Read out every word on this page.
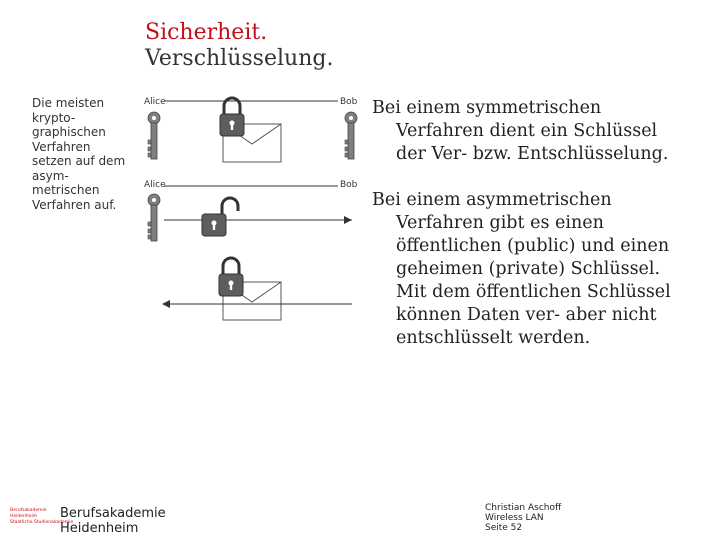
Sicherheit.
Verschlüsselung.
Die meisten
krypto-
graphischen
Verfahren
setzen auf dem
asym-
metrischen
Verfahren auf.
Alice	Bob
Alice	Bob
Bei einem symmetrischen
Verfahren dient ein Schlüssel
der Ver- bzw. Entschlüsselung.
Bei einem asymmetrischen
Verfahren gibt es einen
öffentlichen (public) und einen
geheimen (private) Schlüssel.
Mit dem öffentlichen Schlüssel
können Daten ver- aber nicht
entschlüsselt werden.
Berufsakademie
Heidenheim
Staatliche Studienakademie
Berufsakademie
Heidenheim
Christian Aschoff
Wireless LAN
Seite 52
